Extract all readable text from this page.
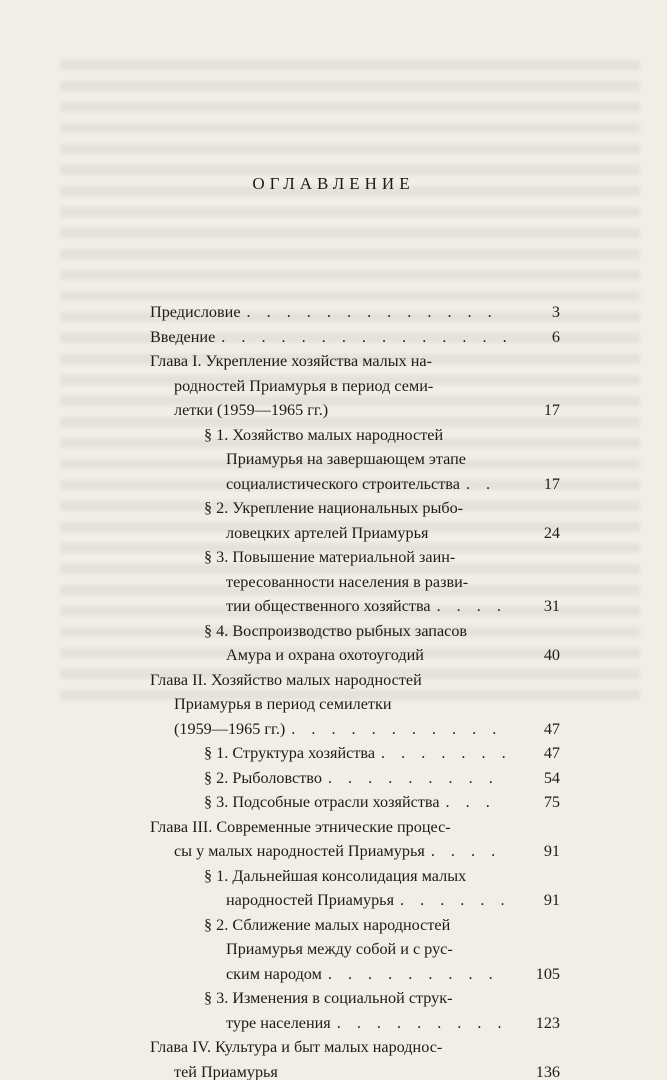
ОГЛАВЛЕНИЕ
Предисловие . . .	3
Введение . . .	6
Глава I. Укрепление хозяйства малых на-
родностей Приамурья в период семи-
летки (1959—1965 гг.)	17
§ 1. Хозяйство малых народностей
Приамурья на завершающем этапе
социалистического строительства . . .	17
§ 2. Укрепление национальных рыбо-
ловецких артелей Приамурья	24
§ 3. Повышение материальной заин-
тересованности населения в разви-
тии общественного хозяйства . . .	31
§ 4. Воспроизводство рыбных запасов
Амура и охрана охотоугодий	40
Глава II. Хозяйство малых народностей
Приамурья в период семилетки
(1959—1965 гг.) . . .	47
§ 1. Структура хозяйства . . .	47
§ 2. Рыболовство . . .	54
§ 3. Подсобные отрасли хозяйства . . .	75
Глава III. Современные этнические процес-
сы у малых народностей Приамурья . . .	91
§ 1. Дальнейшая консолидация малых
народностей Приамурья . . .	91
§ 2. Сближение малых народностей
Приамурья между собой и с рус-
ским народом . . .	105
§ 3. Изменения в социальной струк-
туре населения . . .	123
Глава IV. Культура и быт малых народнос-
тей Приамурья	136
